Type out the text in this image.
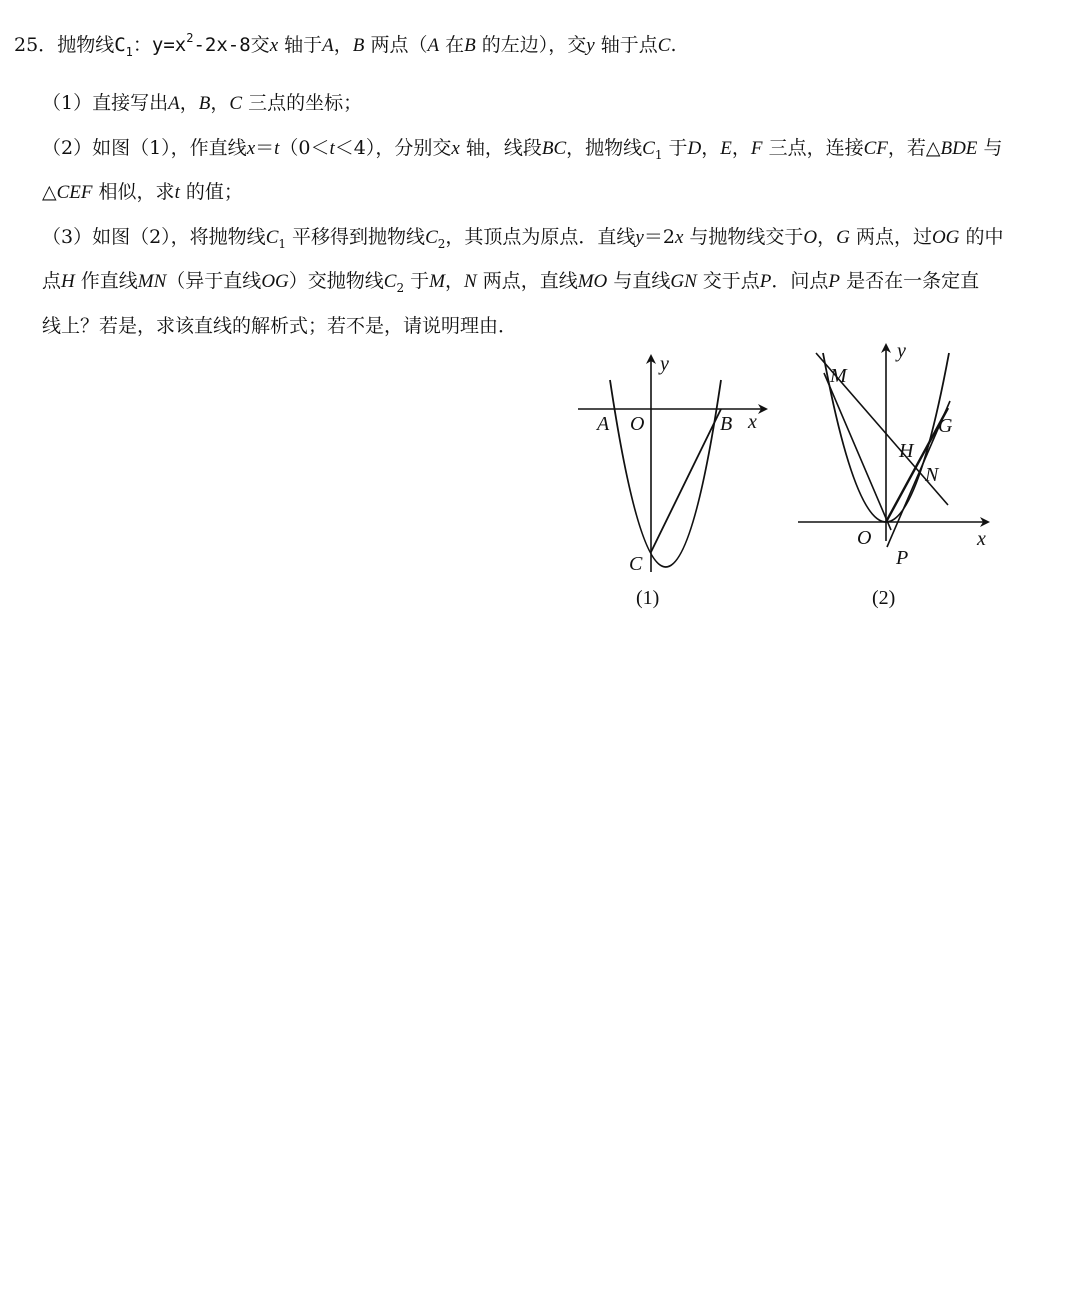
25．抛物线$C_1$：$y=x^2-2x-8$交x 轴于A，B 两点（A 在B 的左边），交y 轴于点C.
（1）直接写出A，B，C 三点的坐标；
（2）如图（1），作直线x＝t（0＜t＜4），分别交x 轴，线段BC，抛物线$C_1$ 于D，E，F 三点，连接CF，若△BDE 与
△CEF 相似，求t 的值；
（3）如图（2），将抛物线$C_1$ 平移得到抛物线$C_2$，其顶点为原点．直线y＝2x 与抛物线交于O，G 两点，过OG 的中
点H 作直线MN（异于直线OG）交抛物线$C_2$ 于M，N 两点，直线MO 与直线GN 交于点P．问点P 是否在一条定直
线上？若是，求该直线的解析式；若不是，请说明理由．
y
x
A O	B
C
(1)
y
x
M
G
H
N
O
P
(2)
